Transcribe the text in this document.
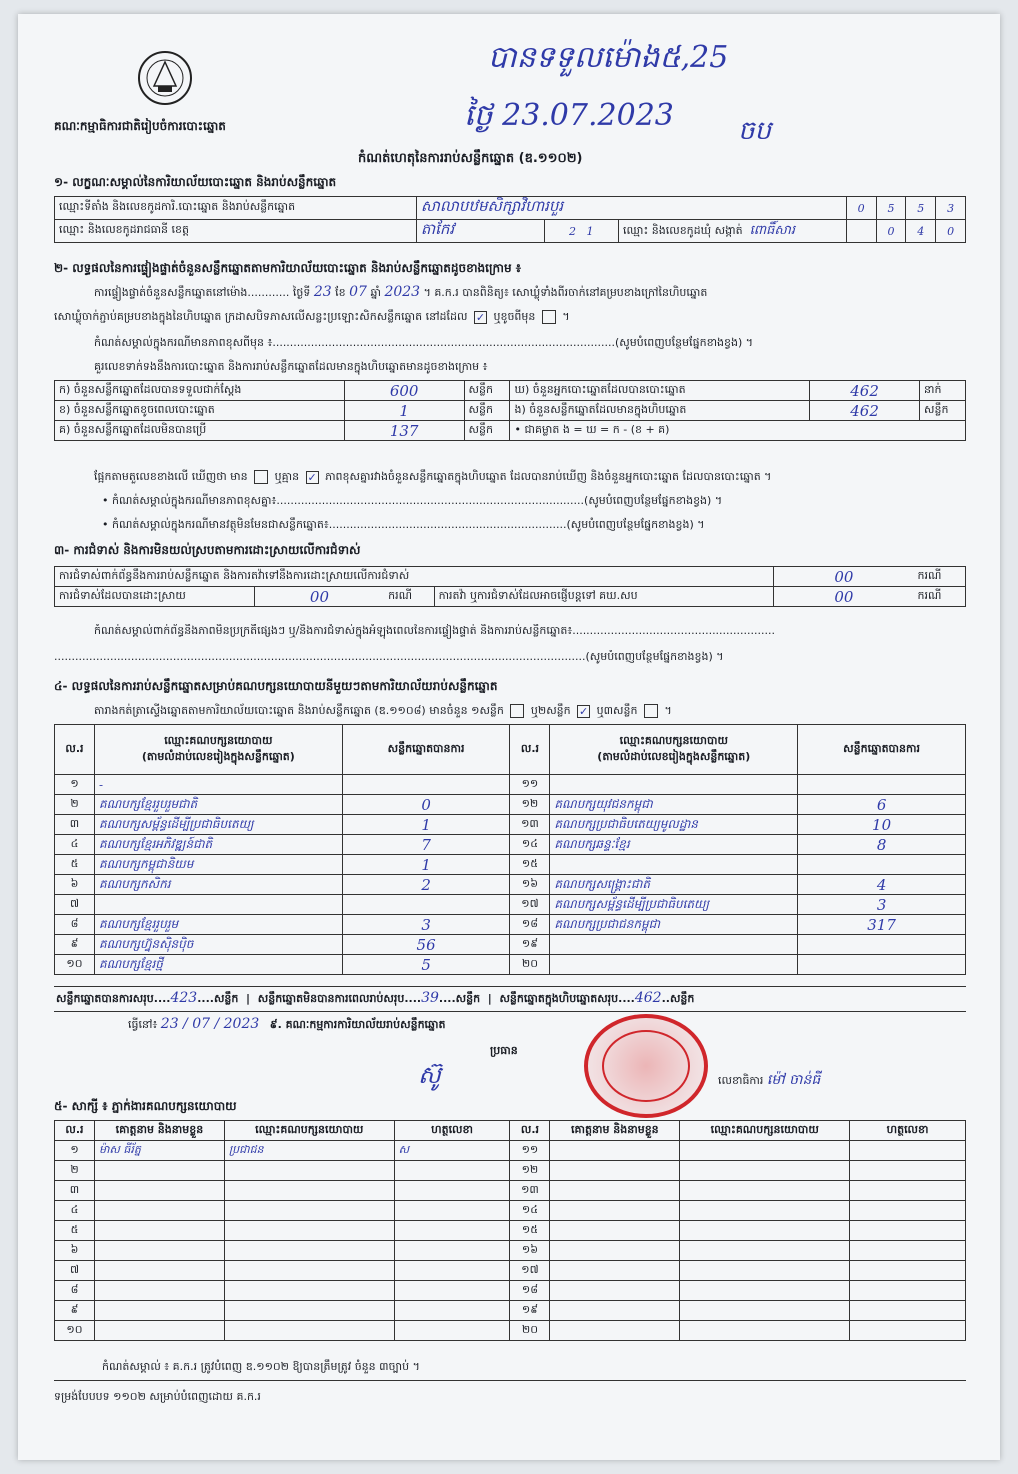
គណៈកម្មាធិការជាតិរៀបចំការបោះឆ្នោត
បានទទួលម៉ោង៥,25
ថ្ងៃ 23.07.2023 ចប
កំណត់ហេតុនៃការរាប់សន្លឹកឆ្នោត (ឌ.១១០២)
១- លក្ខណៈសម្គាល់នៃការិយាល័យបោះឆ្នោត និងរាប់សន្លឹកឆ្នោត
ឈ្មោះទីតាំង និងលេខកូដការិ.បោះឆ្នោត និងរាប់សន្លឹកឆ្នោត	សាលាបឋមសិក្សាវិហារបួរ			0	5	5	3
ឈ្មោះ និងលេខកូដរាជធានី ខេត្ត	តាកែវ	2 1	ឈ្មោះ និងលេខកូដឃុំ សង្កាត់ ពោធិ៍សារ		0	4	0
២- លទ្ធផលនៃការផ្ទៀងផ្ទាត់ចំនួនសន្លឹកឆ្នោតតាមការិយាល័យបោះឆ្នោត និងរាប់សន្លឹកឆ្នោតដូចខាងក្រោម ៖
ការផ្ទៀងផ្ទាត់ចំនួនសន្លឹកឆ្នោតនៅម៉ោង............ ថ្ងៃទី 23 ខែ 07 ឆ្នាំ 2023 ។ គ.ក.រ បានពិនិត្យ៖ សោឃ្លុំទាំងពីរចាក់នៅគម្របខាងក្រៅនៃហិបឆ្នោត
សោឃ្លុំចាក់ភ្ជាប់គម្របខាងក្នុងនៃហិបឆ្នោត ក្រដាសបិទភាសលើសន្លះប្រឡោះសិកសន្លឹកឆ្នោត នៅដដែល ✓ ឬខូចពីមុន  ។
កំណត់សម្គាល់ក្នុងករណីមានភាពខុសពីមុន ៖..................................................................................................(សូមបំពេញបន្ថែមផ្នែកខាងខ្វង) ។
គួរលេខទាក់ទងនឹងការបោះឆ្នោត និងការរាប់សន្លឹកឆ្នោតដែលមានក្នុងហិបឆ្នោតមានដូចខាងក្រោម ៖
ក) ចំនួនសន្លឹកឆ្នោតដែលបានទទួលជាក់ស្តែង	600	សន្លឹក	ឃ) ចំនួនអ្នកបោះឆ្នោតដែលបានបោះឆ្នោត	462	នាក់
ខ) ចំនួនសន្លឹកឆ្នោតខូចពេលបោះឆ្នោត	1	សន្លឹក	ង) ចំនួនសន្លឹកឆ្នោតដែលមានក្នុងហិបឆ្នោត	462	សន្លឹក
គ) ចំនួនសន្លឹកឆ្នោតដែលមិនបានប្រើ	137	សន្លឹក	• ជាគម្លាត ង = ឃ = ក - (ខ + គ)		
ផ្អែកតាមតួលេខខាងលើ ឃើញថា មាន ឬគ្មាន ✓ ភាពខុសគ្នារវាងចំនួនសន្លឹកឆ្នោតក្នុងហិបឆ្នោត ដែលបានរាប់ឃើញ និងចំនួនអ្នកបោះឆ្នោត ដែលបានបោះឆ្នោត ។
• កំណត់សម្គាល់ក្នុងករណីមានភាពខុសគ្នា៖........................................................................................(សូមបំពេញបន្ថែមផ្នែកខាងខ្វង) ។
• កំណត់សម្គាល់ក្នុងករណីមានវត្ថុមិនមែនជាសន្លឹកឆ្នោត៖....................................................................(សូមបំពេញបន្ថែមផ្នែកខាងខ្វង) ។
៣- ការជំទាស់ និងការមិនយល់ស្របតាមការដោះស្រាយលើការជំទាស់
ការជំទាស់ពាក់ព័ន្ធនឹងការរាប់សន្លឹកឆ្នោត និងការតវ៉ាទៅនឹងការដោះស្រាយលើការជំទាស់				00	ករណី
ការជំទាស់ដែលបានដោះស្រាយ	00	ករណី	ការតវ៉ា ឬការជំទាស់ដែលអាចផ្ញើបន្តទៅ គឃ.សប	00	ករណី
កំណត់សម្គាល់ពាក់ព័ន្ធនឹងភាពមិនប្រក្រតីផ្សេងៗ ឬ/និងការជំទាស់ក្នុងអំឡុងពេលនៃការផ្ទៀងផ្ទាត់ និងការរាប់សន្លឹកឆ្នោត៖..........................................................
........................................................................................................................................................(សូមបំពេញបន្ថែមផ្នែកខាងខ្វង) ។
៤- លទ្ធផលនៃការរាប់សន្លឹកឆ្នោតសម្រាប់គណបក្សនយោបាយនីមួយៗតាមការិយាល័យរាប់សន្លឹកឆ្នោត
តារាងកត់ត្រាស្ទើងឆ្នោតតាមការិយាល័យបោះឆ្នោត និងរាប់សន្លឹកឆ្នោត (ឌ.១១០៨) មានចំនួន ១សន្លឹក ឬ២សន្លឹក ✓ ឬ៣សន្លឹក  ។
ល.រ	ឈ្មោះគណបក្សនយោបាយ
(តាមលំដាប់លេខរៀងក្នុងសន្លឹកឆ្នោត)	សន្លឹកឆ្នោតបានការ	ល.រ	ឈ្មោះគណបក្សនយោបាយ
(តាមលំដាប់លេខរៀងក្នុងសន្លឹកឆ្នោត)	សន្លឹកឆ្នោតបានការ
១	-		១១		
២	គណបក្សខ្មែររួបរួមជាតិ	0	១២	គណបក្សយុវជនកម្ពុជា	6
៣	គណបក្សសម្ព័ន្ធដើម្បីប្រជាធិបតេយ្យ	1	១៣	គណបក្សប្រជាធិបតេយ្យមូលដ្ឋាន	10
៤	គណបក្សខ្មែរអភិវឌ្ឍន៍ជាតិ	7	១៤	គណបក្សឆន្ទៈខ្មែរ	8
៥	គណបក្សកម្ពុជានិយម	1	១៥		
៦	គណបក្សកសិករ	2	១៦	គណបក្សសង្គ្រោះជាតិ	4
៧			១៧	គណបក្សសម្ព័ន្ធដើម្បីប្រជាធិបតេយ្យ	3
៨	គណបក្សខ្មែររួបរួម	3	១៨	គណបក្សប្រជាជនកម្ពុជា	317
៩	គណបក្សហ្វ៊ុនស៊ិនប៉ិច	56	១៩		
១០	គណបក្សខ្មែរថ្មី	5	២០		
សន្លឹកឆ្នោតបានការសរុប....423....សន្លឹក  |  សន្លឹកឆ្នោតមិនបានការពេលរាប់សរុប....39....សន្លឹក  |  សន្លឹកឆ្នោតក្នុងហិបឆ្នោតសរុប....462..សន្លឹក
ធ្វើនៅ៖ 23 / 07 / 2023 ៩. គណៈកម្មការការិយាល័យរាប់សន្លឹកឆ្នោត
ប្រធាន
ស៊ូ	លេខាធិការ ម៉ៅ ចាន់ធី
៥- សាក្សី ៖ ភ្នាក់ងារគណបក្សនយោបាយ
ល.រ	គោត្តនាម និងនាមខ្លួន	ឈ្មោះគណបក្សនយោបាយ	ហត្ថលេខា	ល.រ	គោត្តនាម និងនាមខ្លួន	ឈ្មោះគណបក្សនយោបាយ	ហត្ថលេខា
១	ម៉ាស ធីរ័ត្ន	ប្រជាជន	ស	១១			
២				១២			
៣				១៣			
៤				១៤			
៥				១៥			
៦				១៦			
៧				១៧			
៨				១៨			
៩				១៩			
១០				២០			
កំណត់សម្គាល់ ៖ គ.ក.រ ត្រូវបំពេញ ឌ.១១០២ ឱ្យបានត្រឹមត្រូវ ចំនួន ៣ច្បាប់ ។
ទម្រង់បែបបទ ១១០២ សម្រាប់បំពេញដោយ គ.ក.រ
